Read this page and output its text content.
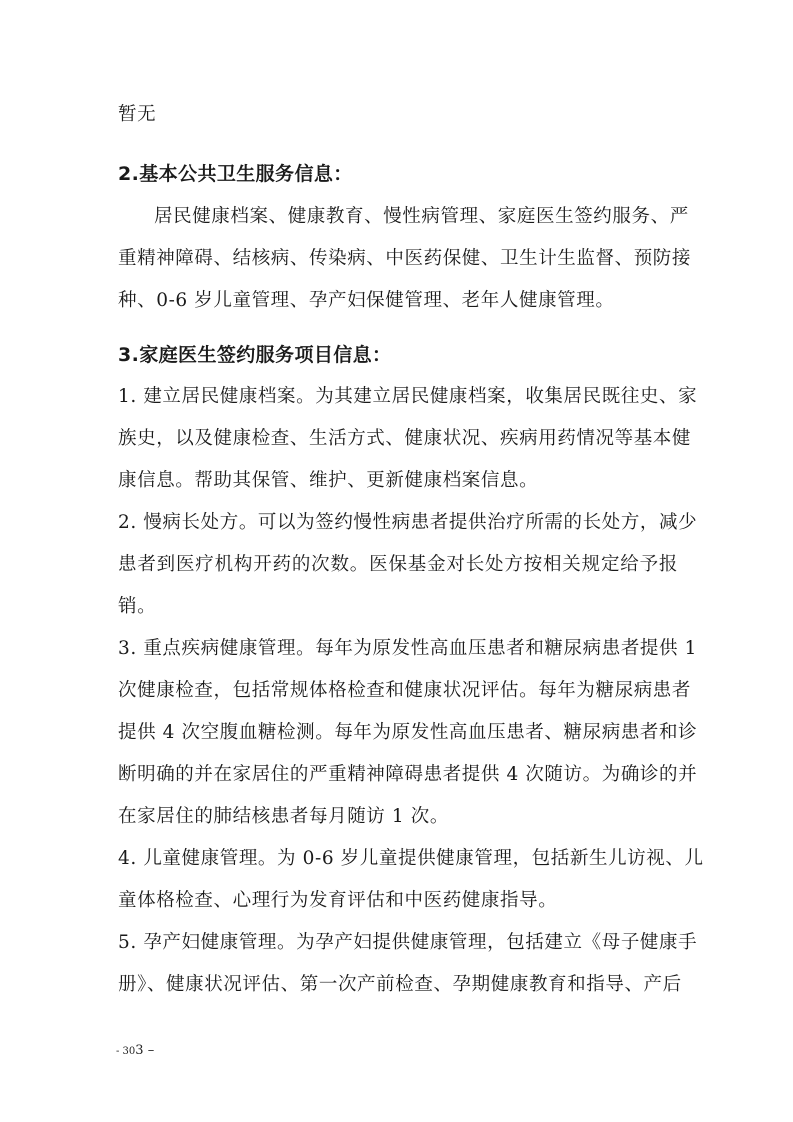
暂无
2.基本公共卫生服务信息：
居民健康档案、健康教育、慢性病管理、家庭医生签约服务、严
重精神障碍、结核病、传染病、中医药保健、卫生计生监督、预防接
种、0-6 岁儿童管理、孕产妇保健管理、老年人健康管理。
3.家庭医生签约服务项目信息：
1. 建立居民健康档案。为其建立居民健康档案，收集居民既往史、家
族史，以及健康检查、生活方式、健康状况、疾病用药情况等基本健
康信息。帮助其保管、维护、更新健康档案信息。
2. 慢病长处方。可以为签约慢性病患者提供治疗所需的长处方，减少
患者到医疗机构开药的次数。医保基金对长处方按相关规定给予报
销。
3. 重点疾病健康管理。每年为原发性高血压患者和糖尿病患者提供 1
次健康检查，包括常规体格检查和健康状况评估。每年为糖尿病患者
提供 4 次空腹血糖检测。每年为原发性高血压患者、糖尿病患者和诊
断明确的并在家居住的严重精神障碍患者提供 4 次随访。为确诊的并
在家居住的肺结核患者每月随访 1 次。
4. 儿童健康管理。为 0-6 岁儿童提供健康管理，包括新生儿访视、儿
童体格检查、心理行为发育评估和中医药健康指导。
5. 孕产妇健康管理。为孕产妇提供健康管理，包括建立《母子健康手
册》、健康状况评估、第一次产前检查、孕期健康教育和指导、产后
- 303 –
